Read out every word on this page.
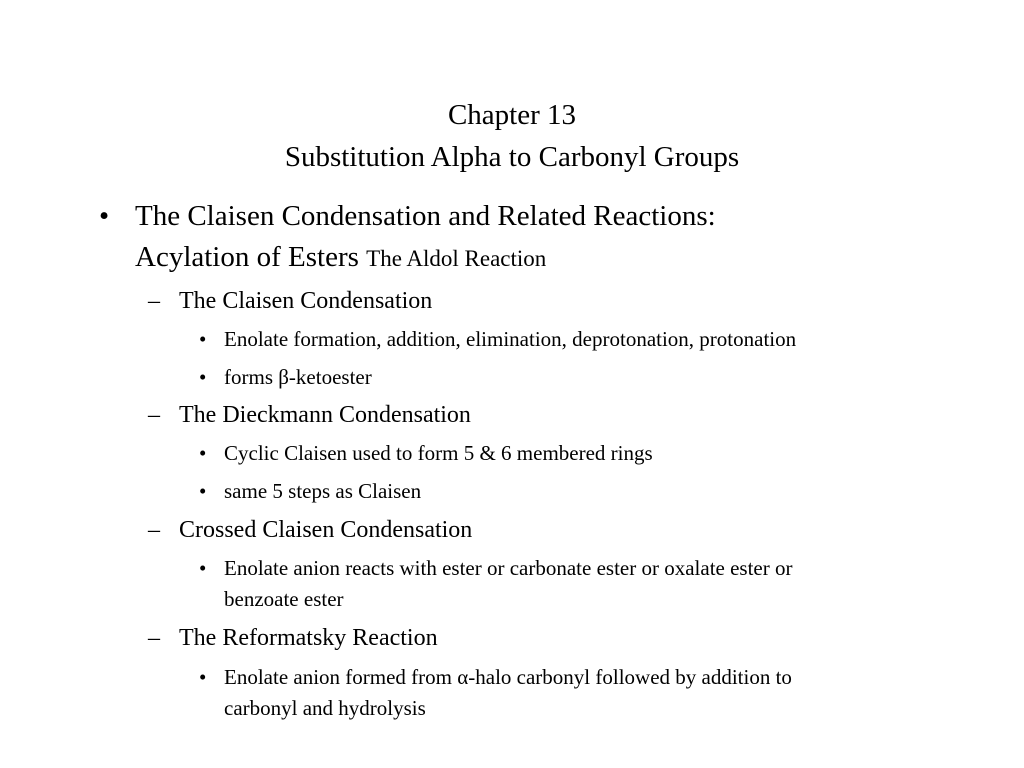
Chapter 13
Substitution Alpha to Carbonyl Groups
• The Claisen Condensation and Related Reactions:
Acylation of Esters The Aldol Reaction
– The Claisen Condensation
• Enolate formation, addition, elimination, deprotonation, protonation
• forms β-ketoester
– The Dieckmann Condensation
• Cyclic Claisen used to form 5 & 6 membered rings
• same 5 steps as Claisen
– Crossed Claisen Condensation
• Enolate anion reacts with ester or carbonate ester or oxalate ester or
benzoate ester
– The Reformatsky Reaction
• Enolate anion formed from α-halo carbonyl followed by addition to
carbonyl and hydrolysis
